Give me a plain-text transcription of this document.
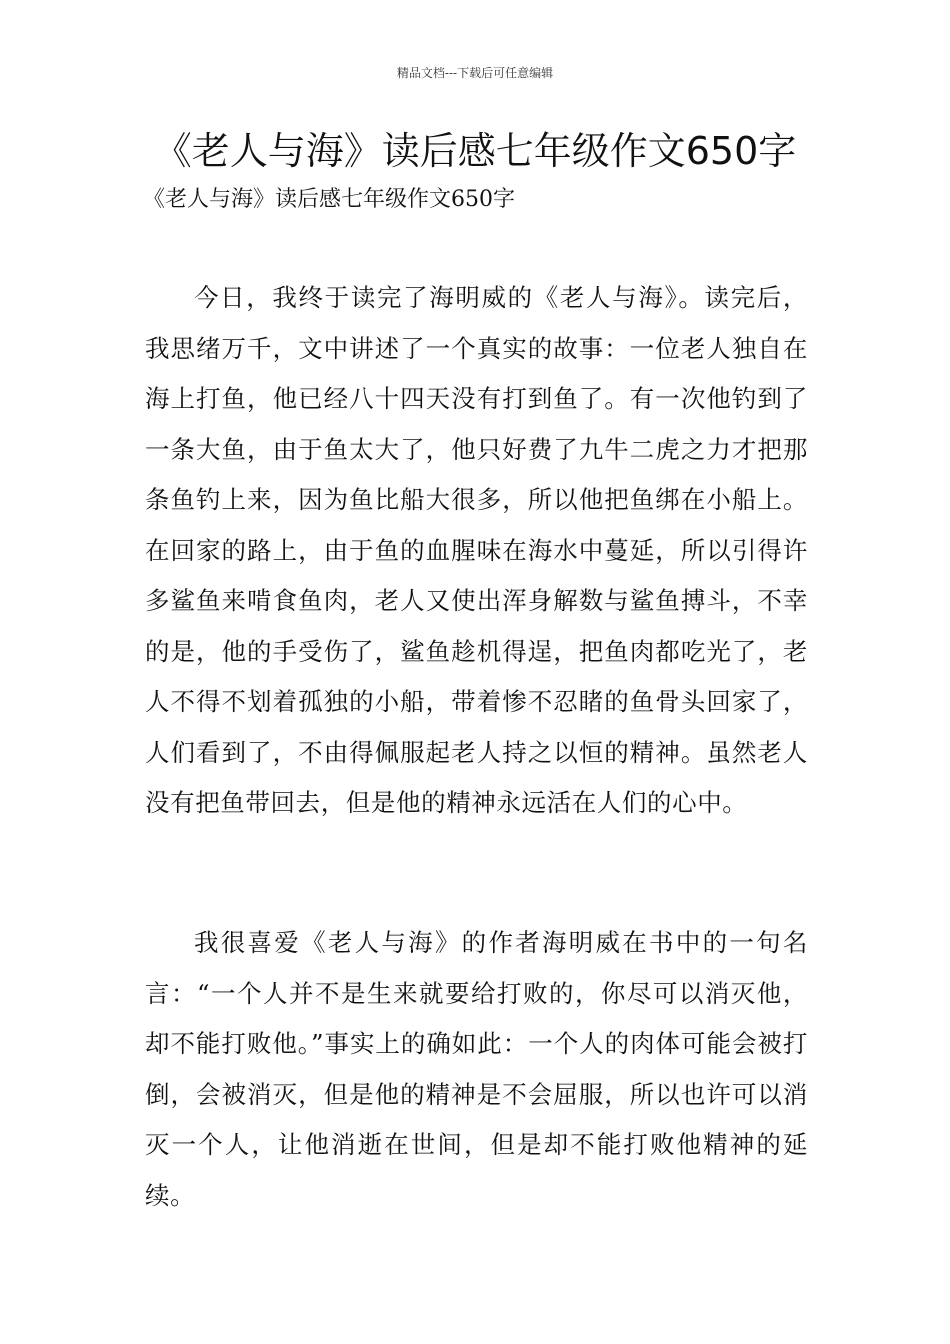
精品文档---下载后可任意编辑
《老人与海》读后感七年级作文650字

《老人与海》读后感七年级作文650字

今日，我终于读完了海明威的《老人与海》。读完后，我思绪万千，文中讲述了一个真实的故事：一位老人独自在海上打鱼，他已经八十四天没有打到鱼了。有一次他钓到了一条大鱼，由于鱼太大了，他只好费了九牛二虎之力才把那条鱼钓上来，因为鱼比船大很多，所以他把鱼绑在小船上。在回家的路上，由于鱼的血腥味在海水中蔓延，所以引得许多鲨鱼来啃食鱼肉，老人又使出浑身解数与鲨鱼搏斗，不幸的是，他的手受伤了，鲨鱼趁机得逞，把鱼肉都吃光了，老人不得不划着孤独的小船，带着惨不忍睹的鱼骨头回家了，人们看到了，不由得佩服起老人持之以恒的精神。虽然老人没有把鱼带回去，但是他的精神永远活在人们的心中。

我很喜爱《老人与海》的作者海明威在书中的一句名言：“一个人并不是生来就要给打败的，你尽可以消灭他，却不能打败他。”事实上的确如此：一个人的肉体可能会被打倒，会被消灭，但是他的精神是不会屈服，所以也许可以消灭一个人，让他消逝在世间，但是却不能打败他精神的延续。
